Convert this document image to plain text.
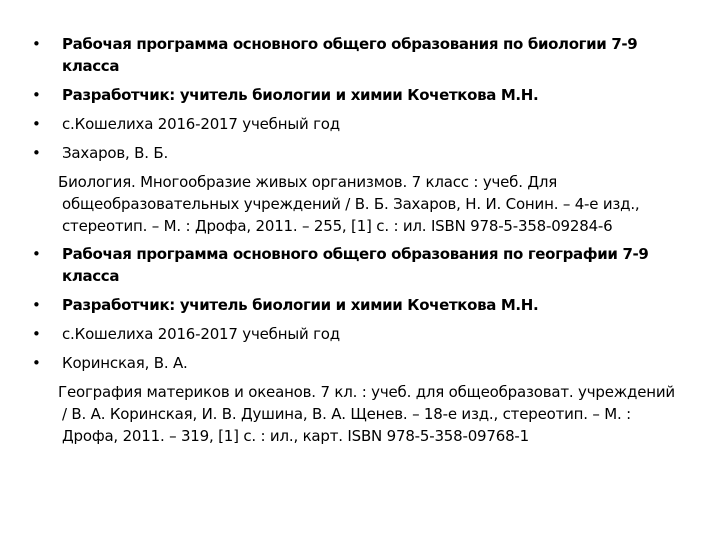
• Рабочая программа основного общего образования по биологии 7-9 класса
• Разработчик: учитель биологии и химии Кочеткова М.Н.
• с.Кошелиха 2016-2017 учебный год
• Захаров, В. Б.
Биология. Многообразие живых организмов. 7 класс : учеб. Для общеобразовательных учреждений / В. Б. Захаров, Н. И. Сонин. – 4-е изд., стереотип. – М. : Дрофа, 2011. – 255, [1] с. : ил. ISBN 978-5-358-09284-6
• Рабочая программа основного общего образования по географии 7-9 класса
• Разработчик: учитель биологии и химии Кочеткова М.Н.
• с.Кошелиха 2016-2017 учебный год
• Коринская, В. А.
География материков и океанов. 7 кл. : учеб. для общеобразоват. учреждений / В. А. Коринская, И. В. Душина, В. А. Щенев. – 18-е изд., стереотип. – М. : Дрофа, 2011. – 319, [1] с. : ил., карт. ISBN 978-5-358-09768-1
